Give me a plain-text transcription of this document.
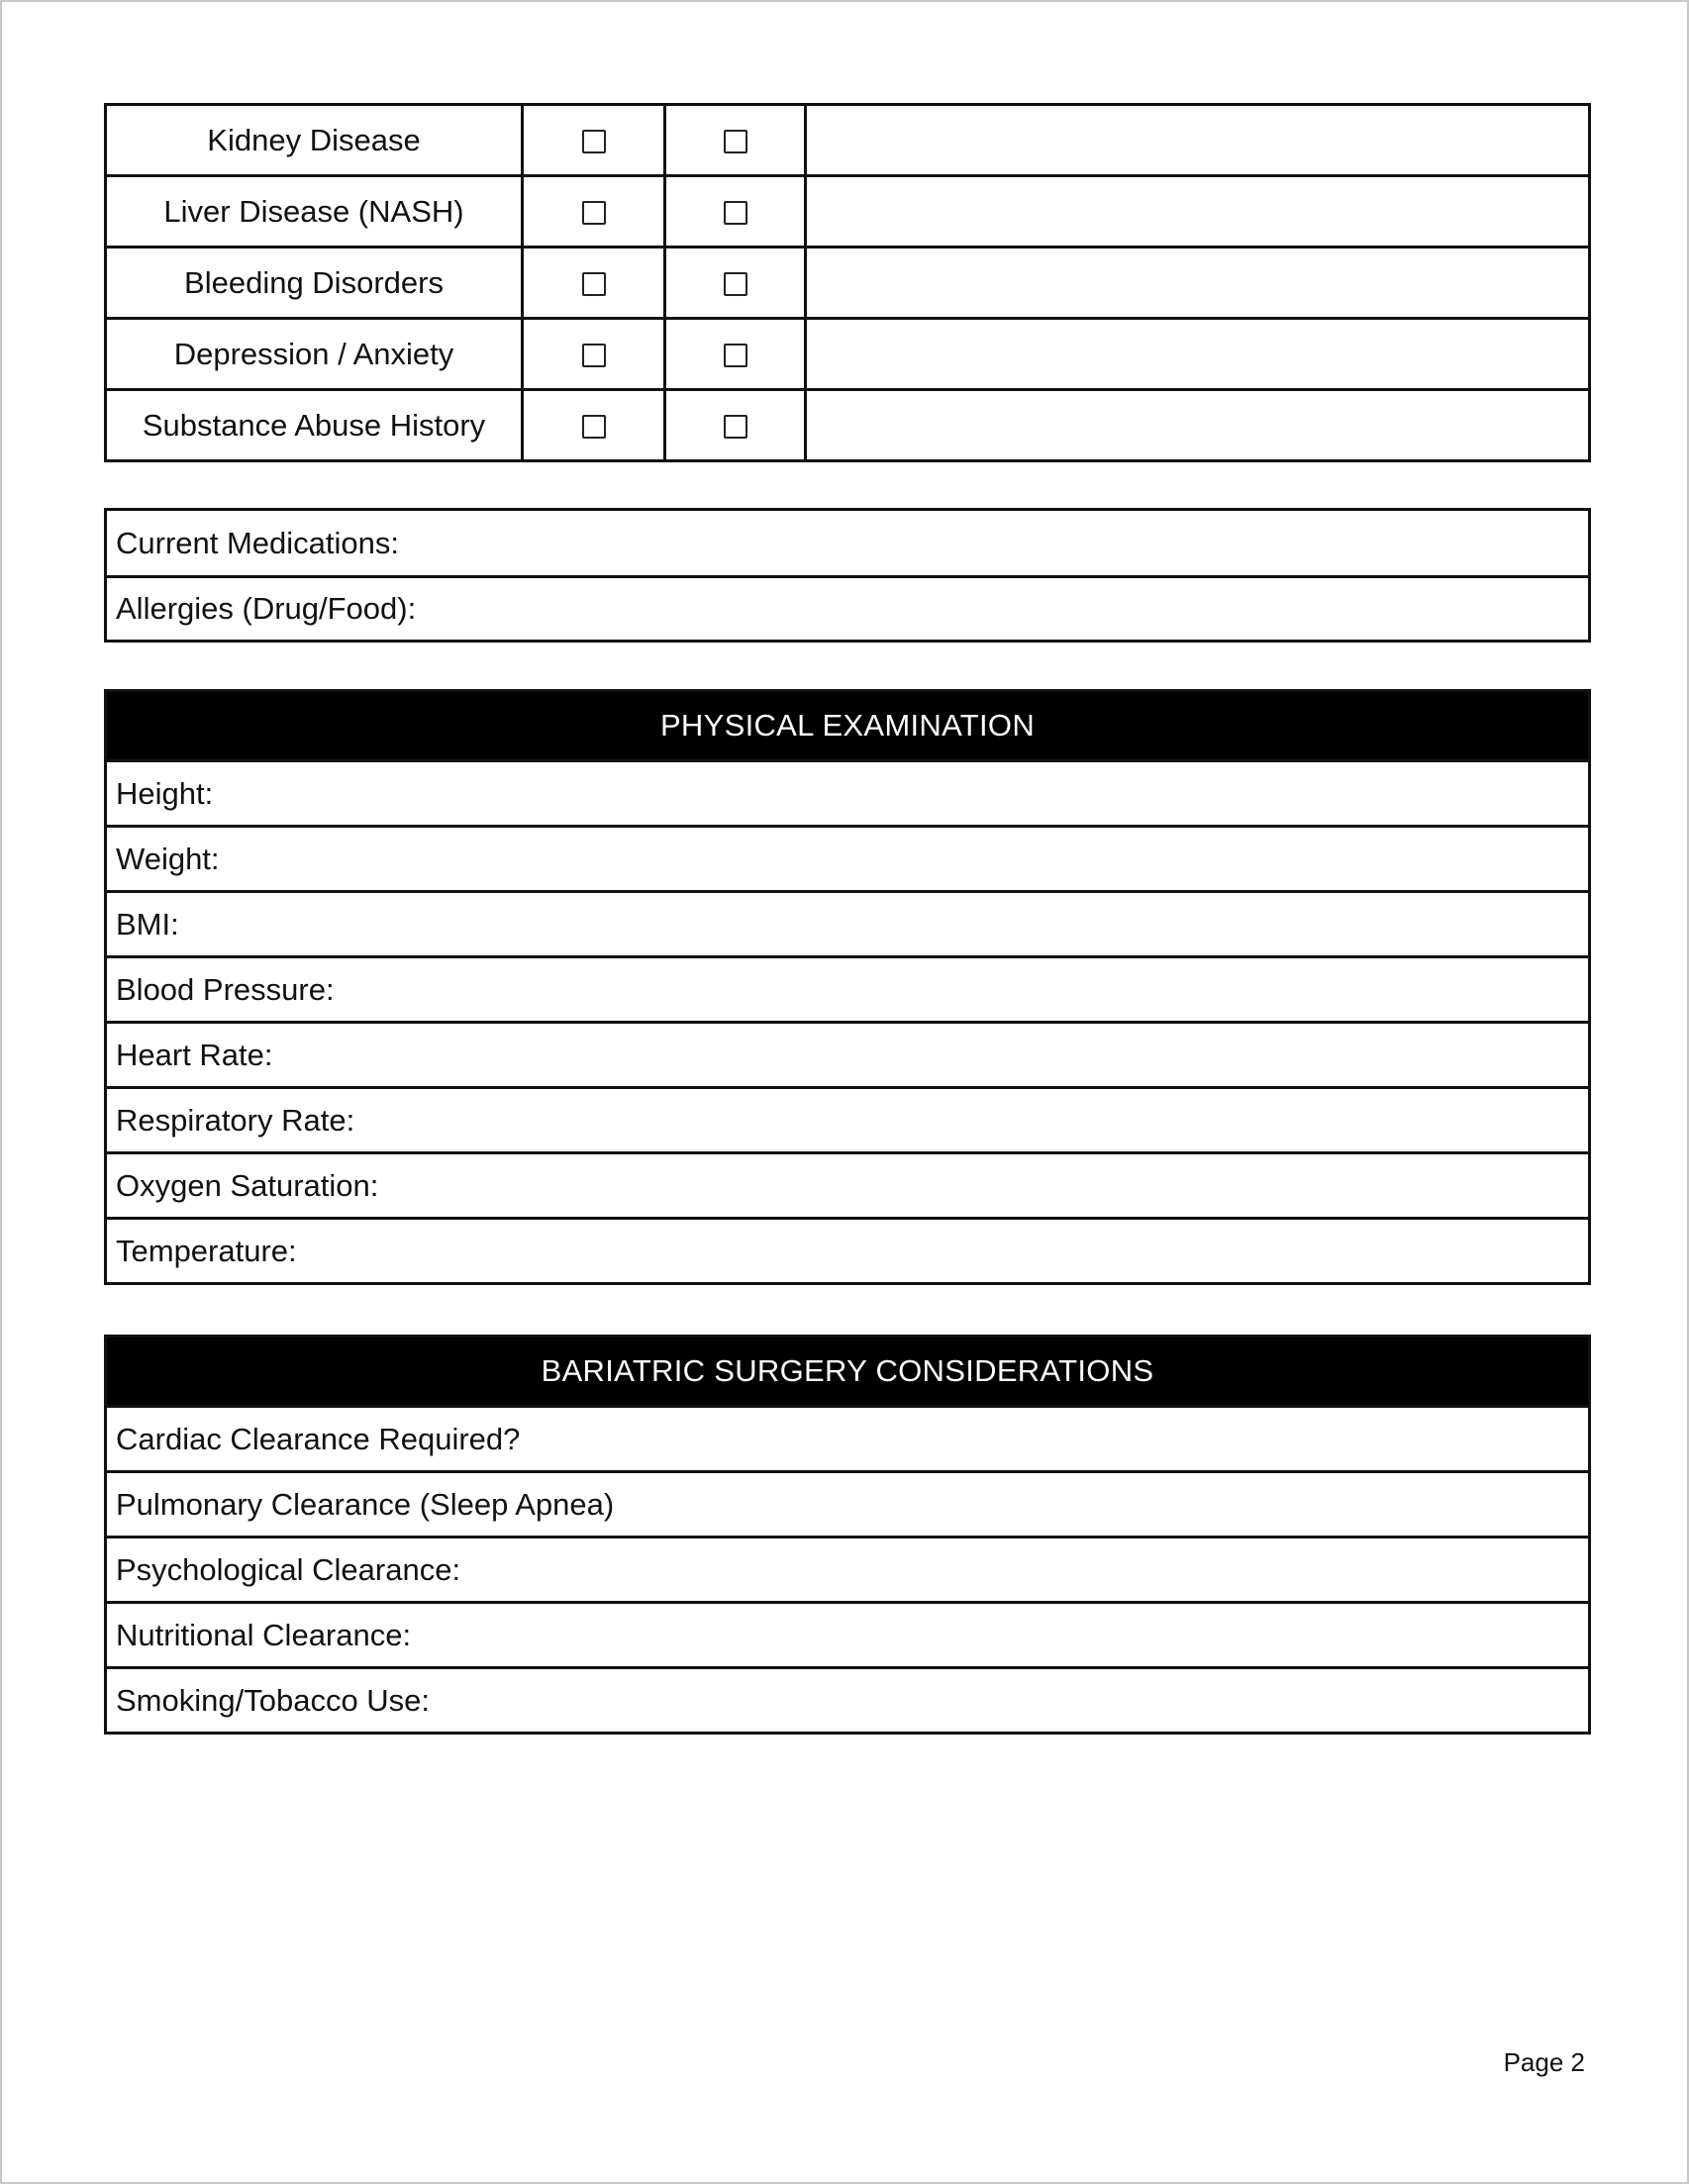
Kidney Disease			
Liver Disease (NASH)			
Bleeding Disorders			
Depression / Anxiety			
Substance Abuse History			
Current Medications:
Allergies (Drug/Food):
PHYSICAL EXAMINATION
Height:
Weight:
BMI:
Blood Pressure:
Heart Rate:
Respiratory Rate:
Oxygen Saturation:
Temperature:
BARIATRIC SURGERY CONSIDERATIONS
Cardiac Clearance Required?
Pulmonary Clearance (Sleep Apnea)
Psychological Clearance:
Nutritional Clearance:
Smoking/Tobacco Use:
Page 2
